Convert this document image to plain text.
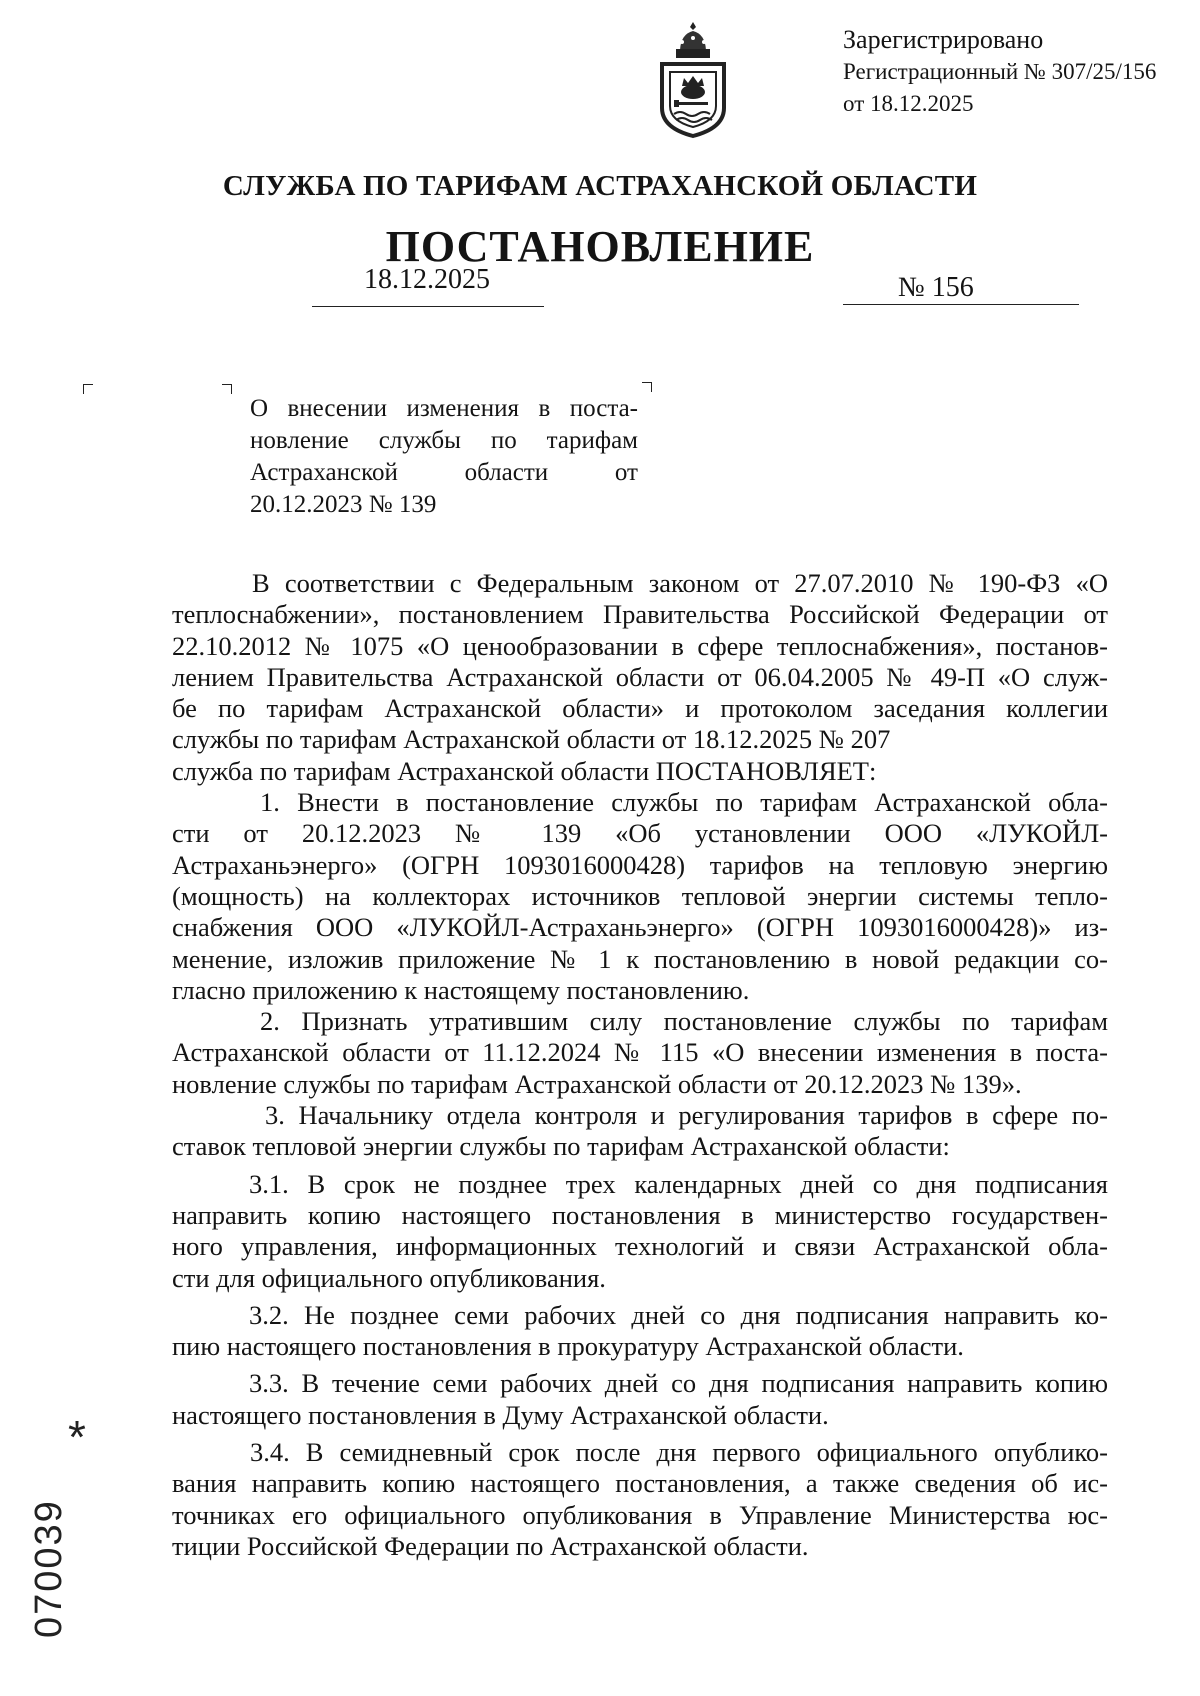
Зарегистрировано
Регистрационный № 307/25/156
от 18.12.2025
СЛУЖБА ПО ТАРИФАМ АСТРАХАНСКОЙ ОБЛАСТИ
ПОСТАНОВЛЕНИЕ
18.12.2025	№ 156
О внесении изменения в поста-
новление службы по тарифам
Астраханской области от
20.12.2023 № 139
В соответствии с Федеральным законом от 27.07.2010 № 190-ФЗ «О
теплоснабжении», постановлением Правительства Российской Федерации от
22.10.2012 № 1075 «О ценообразовании в сфере теплоснабжения», постанов-
лением Правительства Астраханской области от 06.04.2005 № 49-П «О служ-
бе по тарифам Астраханской области» и протоколом заседания коллегии
службы по тарифам Астраханской области от 18.12.2025 № 207
служба по тарифам Астраханской области ПОСТАНОВЛЯЕТ:
1. Внести в постановление службы по тарифам Астраханской обла-
сти от 20.12.2023 № 139 «Об установлении ООО «ЛУКОЙЛ-
Астраханьэнерго» (ОГРН 1093016000428) тарифов на тепловую энергию
(мощность) на коллекторах источников тепловой энергии системы тепло-
снабжения ООО «ЛУКОЙЛ-Астраханьэнерго» (ОГРН 1093016000428)» из-
менение, изложив приложение № 1 к постановлению в новой редакции со-
гласно приложению к настоящему постановлению.
2. Признать утратившим силу постановление службы по тарифам
Астраханской области от 11.12.2024 № 115 «О внесении изменения в поста-
новление службы по тарифам Астраханской области от 20.12.2023 № 139».
3. Начальнику отдела контроля и регулирования тарифов в сфере по-
ставок тепловой энергии службы по тарифам Астраханской области:
3.1. В срок не позднее трех календарных дней со дня подписания
направить копию настоящего постановления в министерство государствен-
ного управления, информационных технологий и связи Астраханской обла-
сти для официального опубликования.
3.2. Не позднее семи рабочих дней со дня подписания направить ко-
пию настоящего постановления в прокуратуру Астраханской области.
3.3. В течение семи рабочих дней со дня подписания направить копию
настоящего постановления в Думу Астраханской области.
3.4. В семидневный срок после дня первого официального опублико-
вания направить копию настоящего постановления, а также сведения об ис-
точниках его официального опубликования в Управление Министерства юс-
тиции Российской Федерации по Астраханской области.
*
070039
